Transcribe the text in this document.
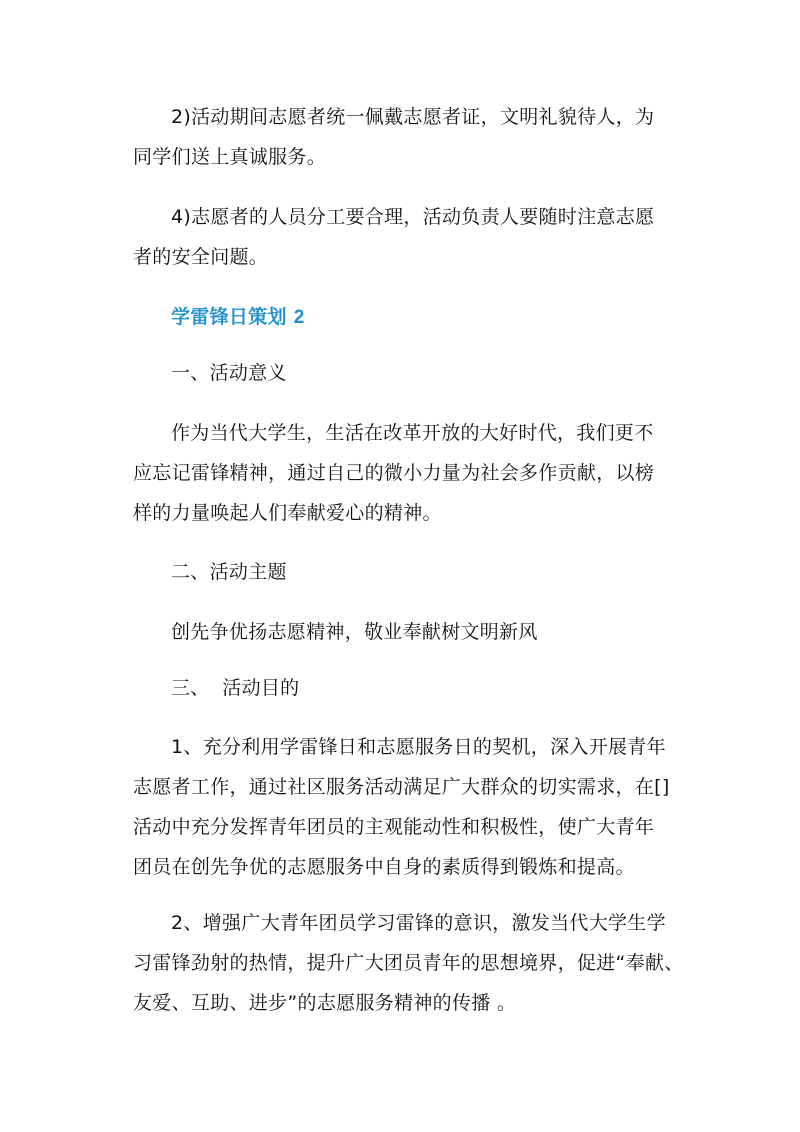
2)活动期间志愿者统一佩戴志愿者证，文明礼貌待人，为
同学们送上真诚服务。

4)志愿者的人员分工要合理，活动负责人要随时注意志愿
者的安全问题。

学雷锋日策划 2

一、活动意义

作为当代大学生，生活在改革开放的大好时代，我们更不
应忘记雷锋精神，通过自己的微小力量为社会多作贡献，以榜
样的力量唤起人们奉献爱心的精神。

二、活动主题

创先争优扬志愿精神，敬业奉献树文明新风

三、  活动目的

1、充分利用学雷锋日和志愿服务日的契机，深入开展青年
志愿者工作，通过社区服务活动满足广大群众的切实需求，在[]
活动中充分发挥青年团员的主观能动性和积极性，使广大青年
团员在创先争优的志愿服务中自身的素质得到锻炼和提高。

2、增强广大青年团员学习雷锋的意识，激发当代大学生学
习雷锋劲射的热情，提升广大团员青年的思想境界，促进“奉献、
友爱、互助、进步”的志愿服务精神的传播 。
